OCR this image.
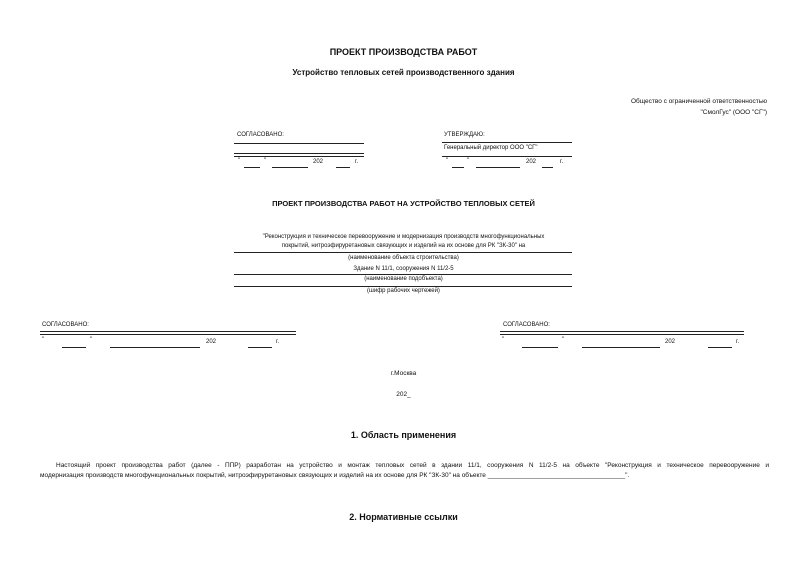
ПРОЕКТ ПРОИЗВОДСТВА РАБОТ
Устройство тепловых сетей производственного здания
Общество с ограниченной ответственностью
"СмолГус" (ООО "СГ")
СОГЛАСОВАНО:
"	"	202	г.
УТВЕРЖДАЮ:
Генеральный директор ООО "СГ"
"	"	202	г.
ПРОЕКТ ПРОИЗВОДСТВА РАБОТ НА УСТРОЙСТВО ТЕПЛОВЫХ СЕТЕЙ
"Реконструкция и техническое перевооружение и модернизация производств многофункциональных
покрытий, нитроэфируретановых связующих и изделий на их основе для РК "ЗК-30" на
(наименование объекта строительства)
Здание N 11/1, сооружения N 11/2-5
(наименование подобъекта)
(шифр рабочих чертежей)
СОГЛАСОВАНО:
"	"	202	г.
СОГЛАСОВАНО:
"	"	202	г.
г.Москва
202_
1. Область применения
Настоящий проект производства работ (далее - ППР) разработан на устройство и монтаж тепловых сетей в здании 11/1, сооружения N 11/2-5 на объекте "Реконструкция и техническое перевооружение и
модернизация производств многофункциональных покрытий, нитроэфируретановых связующих и изделий на их основе для РК "ЗК-30" на объекте ______________________________________".
2. Нормативные ссылки
